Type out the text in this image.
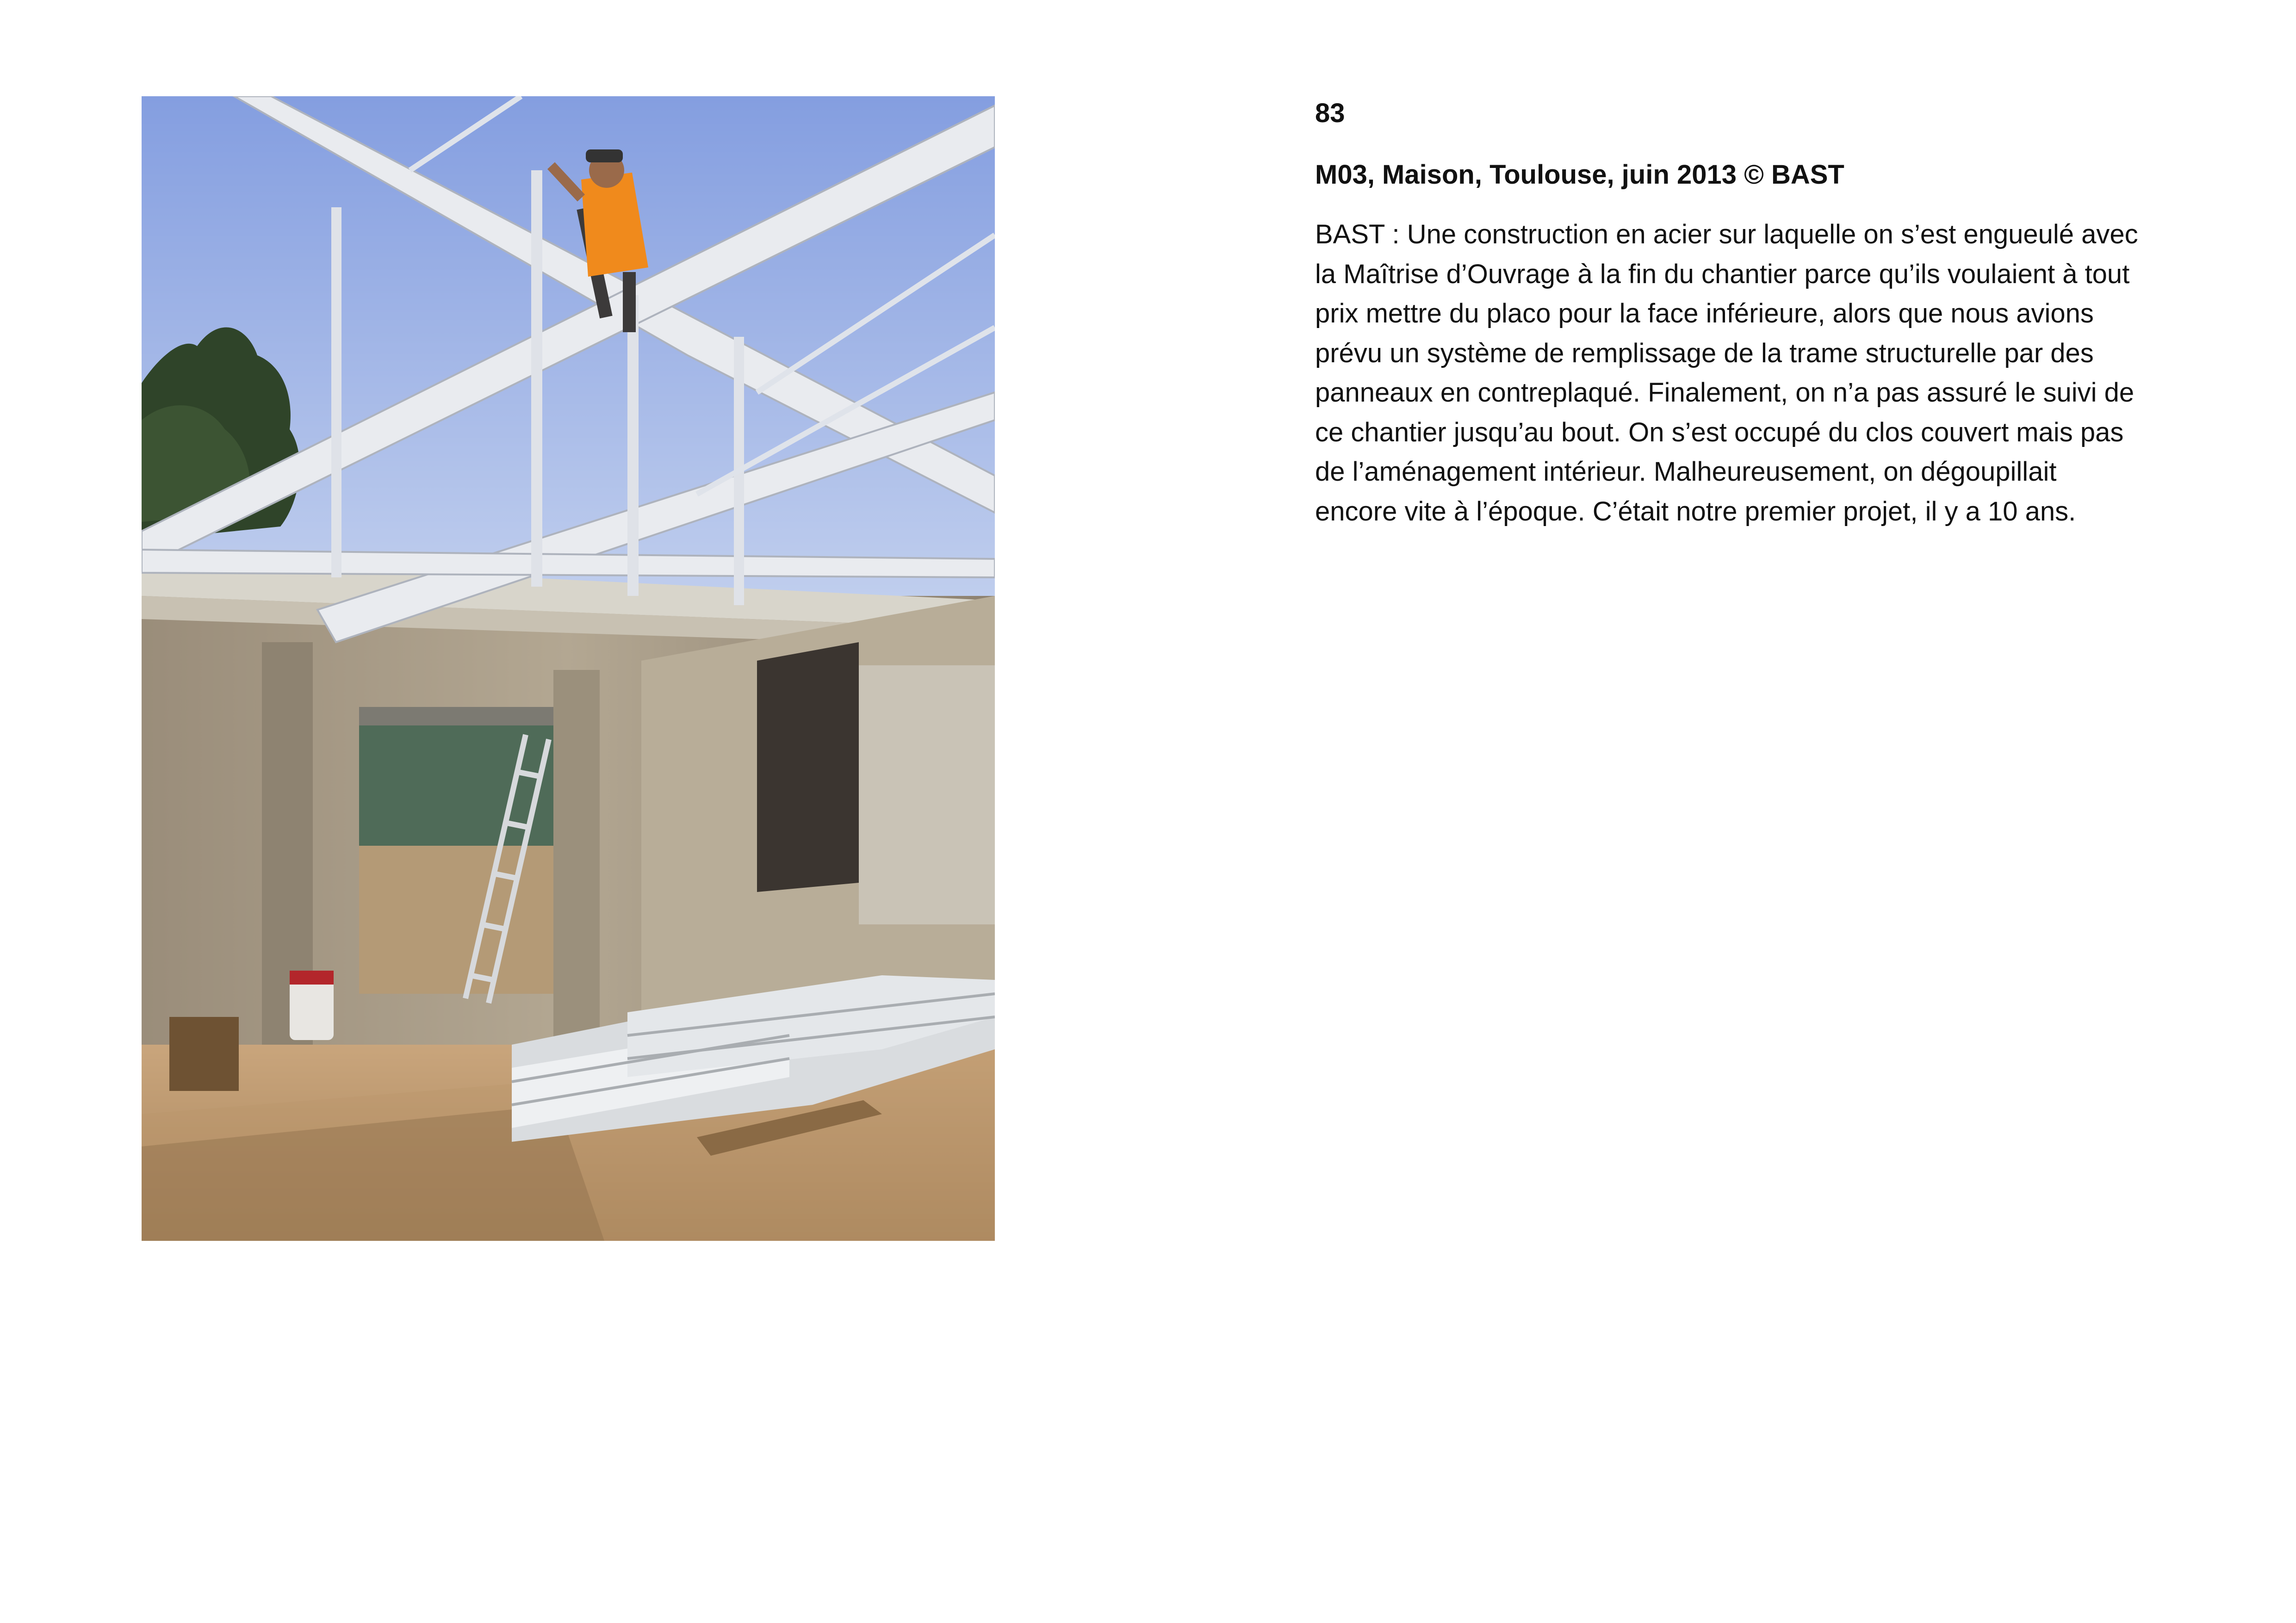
83

M03, Maison, Toulouse, juin 2013 © BAST

BAST : Une construction en acier sur laquelle on s’est engueulé avec
la Maîtrise d’Ouvrage à la fin du chantier parce qu’ils voulaient à tout
prix mettre du placo pour la face inférieure, alors que nous avions
prévu un système de remplissage de la trame structurelle par des
panneaux en contreplaqué. Finalement, on n’a pas assuré le suivi de
ce chantier jusqu’au bout. On s’est occupé du clos couvert mais pas
de l’aménagement intérieur. Malheureusement, on dégoupillait
encore vite à l’époque. C’était notre premier projet, il y a 10 ans.
